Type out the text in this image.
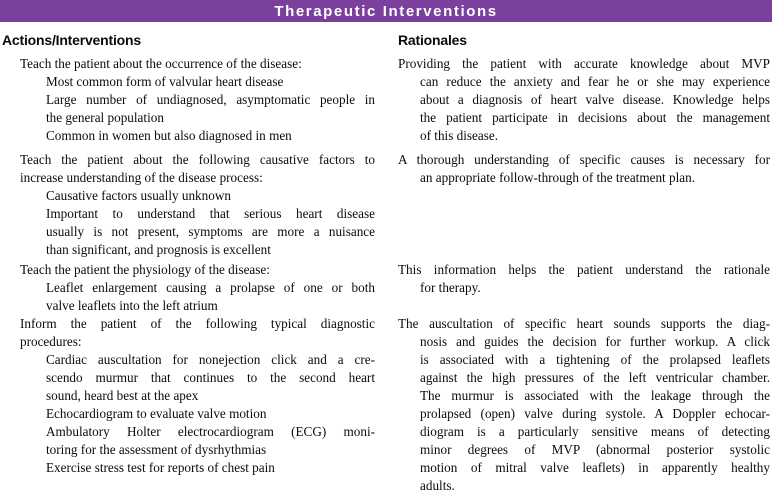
Therapeutic Interventions
Actions/Interventions	Rationales
Teach the patient about the occurrence of the disease:
Most common form of valvular heart disease
Large number of undiagnosed, asymptomatic people in
the general population
Common in women but also diagnosed in men
Providing the patient with accurate knowledge about MVP
can reduce the anxiety and fear he or she may experience
about a diagnosis of heart valve disease. Knowledge helps
the patient participate in decisions about the management
of this disease.
Teach the patient about the following causative factors to
increase understanding of the disease process:
Causative factors usually unknown
Important to understand that serious heart disease
usually is not present, symptoms are more a nuisance
than significant, and prognosis is excellent
A thorough understanding of specific causes is necessary for
an appropriate follow-through of the treatment plan.
Teach the patient the physiology of the disease:
Leaflet enlargement causing a prolapse of one or both
valve leaflets into the left atrium
This information helps the patient understand the rationale
for therapy.
Inform the patient of the following typical diagnostic
procedures:
Cardiac auscultation for nonejection click and a cre-
scendo murmur that continues to the second heart
sound, heard best at the apex
Echocardiogram to evaluate valve motion
Ambulatory Holter electrocardiogram (ECG) moni-
toring for the assessment of dysrhythmias
Exercise stress test for reports of chest pain
The auscultation of specific heart sounds supports the diag-
nosis and guides the decision for further workup. A click
is associated with a tightening of the prolapsed leaflets
against the high pressures of the left ventricular chamber.
The murmur is associated with the leakage through the
prolapsed (open) valve during systole. A Doppler echocar-
diogram is a particularly sensitive means of detecting
minor degrees of MVP (abnormal posterior systolic
motion of mitral valve leaflets) in apparently healthy
adults.
